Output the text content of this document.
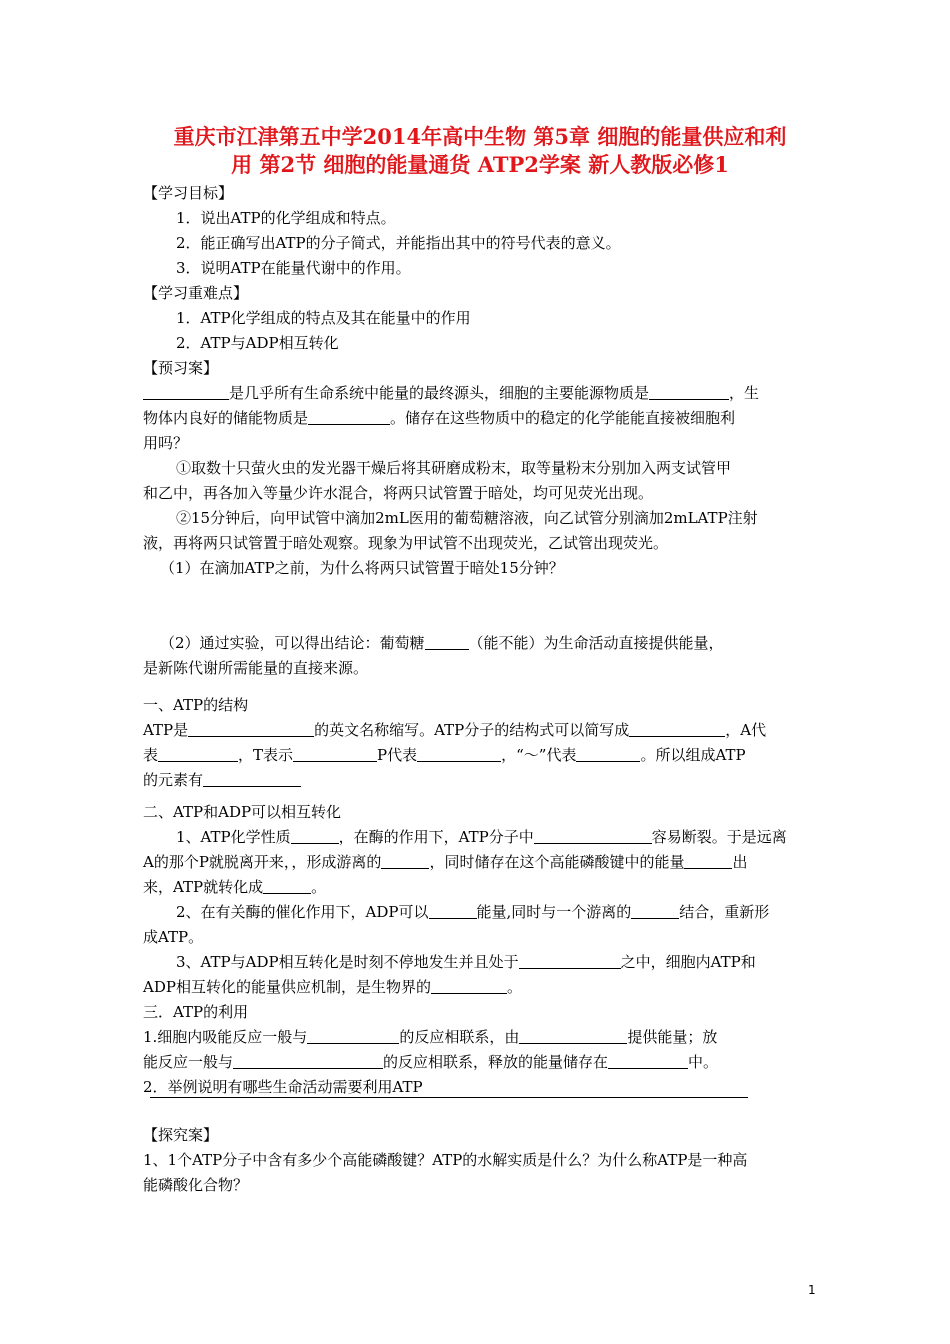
重庆市江津第五中学2014年高中生物 第5章 细胞的能量供应和利
用 第2节 细胞的能量通货 ATP2学案 新人教版必修1
【学习目标】
1．说出ATP的化学组成和特点。
2．能正确写出ATP的分子简式，并能指出其中的符号代表的意义。
3．说明ATP在能量代谢中的作用。
【学习重难点】
1．ATP化学组成的特点及其在能量中的作用
2．ATP与ADP相互转化
【预习案】
是几乎所有生命系统中能量的最终源头，细胞的主要能源物质是	，生
物体内良好的储能物质是	。储存在这些物质中的稳定的化学能能直接被细胞利
用吗？
①取数十只萤火虫的发光器干燥后将其研磨成粉末，取等量粉末分别加入两支试管甲
和乙中，再各加入等量少许水混合，将两只试管置于暗处，均可见荧光出现。
②15分钟后，向甲试管中滴加2mL医用的葡萄糖溶液，向乙试管分别滴加2mLATP注射
液，再将两只试管置于暗处观察。现象为甲试管不出现荧光，乙试管出现荧光。
（1）在滴加ATP之前，为什么将两只试管置于暗处15分钟？
（2）通过实验，可以得出结论：葡萄糖	（能不能）为生命活动直接提供能量，
是新陈代谢所需能量的直接来源。
一、ATP的结构
ATP是	的英文名称缩写。ATP分子的结构式可以简写成	，A代
表	，T表示	P代表	，“～”代表	。所以组成ATP
的元素有
二、ATP和ADP可以相互转化
1、ATP化学性质	，在酶的作用下，ATP分子中	容易断裂。于是远离
A的那个P就脱离开来，，形成游离的	，同时储存在这个高能磷酸键中的能量	出
来，ATP就转化成	。
2、在有关酶的催化作用下，ADP可以	能量,同时与一个游离的	结合，重新形
成ATP。
3、ATP与ADP相互转化是时刻不停地发生并且处于	之中，细胞内ATP和
ADP相互转化的能量供应机制，是生物界的	。
三．ATP的利用
1.细胞内吸能反应一般与	的反应相联系，由	提供能量；放
能反应一般与	的反应相联系，释放的能量储存在	中。
2．举例说明有哪些生命活动需要利用ATP
【探究案】
1、1个ATP分子中含有多少个高能磷酸键？ATP的水解实质是什么？为什么称ATP是一种高
能磷酸化合物？
1
